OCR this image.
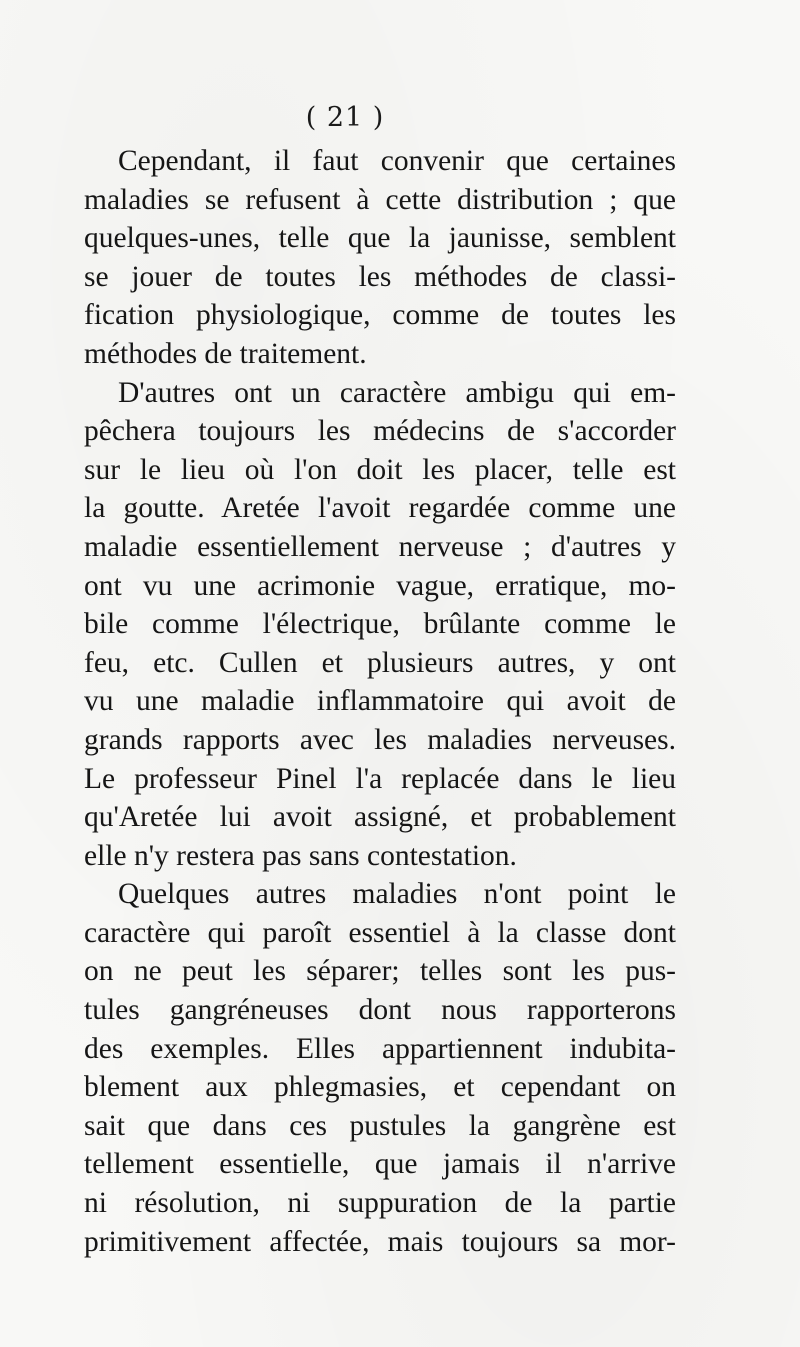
( 21 )
Cependant, il faut convenir que certaines
maladies se refusent à cette distribution ; que
quelques-unes, telle que la jaunisse, semblent
se jouer de toutes les méthodes de classi-
fication physiologique, comme de toutes les
méthodes de traitement.
D'autres ont un caractère ambigu qui em-
pêchera toujours les médecins de s'accorder
sur le lieu où l'on doit les placer, telle est
la goutte. Aretée l'avoit regardée comme une
maladie essentiellement nerveuse ; d'autres y
ont vu une acrimonie vague, erratique, mo-
bile comme l'électrique, brûlante comme le
feu, etc. Cullen et plusieurs autres, y ont
vu une maladie inflammatoire qui avoit de
grands rapports avec les maladies nerveuses.
Le professeur Pinel l'a replacée dans le lieu
qu'Aretée lui avoit assigné, et probablement
elle n'y restera pas sans contestation.
Quelques autres maladies n'ont point le
caractère qui paroît essentiel à la classe dont
on ne peut les séparer; telles sont les pus-
tules gangréneuses dont nous rapporterons
des exemples. Elles appartiennent indubita-
blement aux phlegmasies, et cependant on
sait que dans ces pustules la gangrène est
tellement essentielle, que jamais il n'arrive
ni résolution, ni suppuration de la partie
primitivement affectée, mais toujours sa mor-
